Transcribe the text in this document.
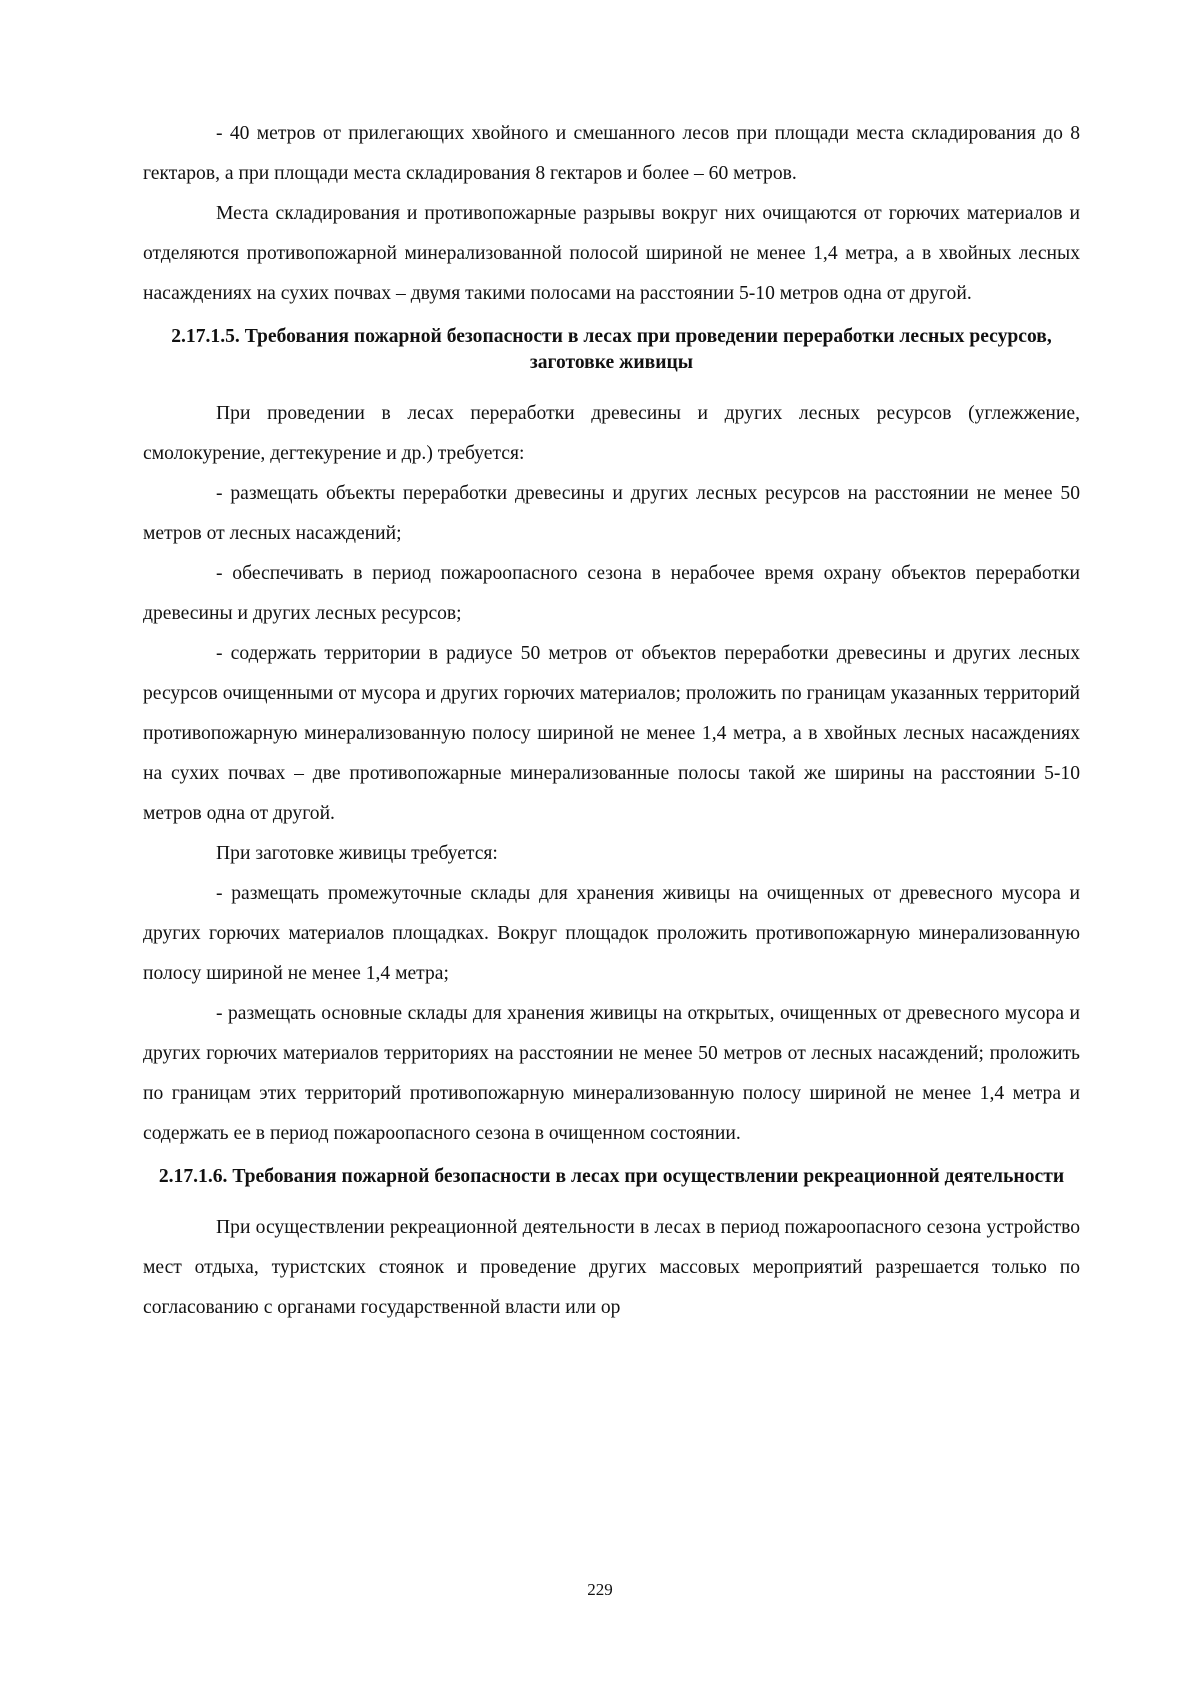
- 40 метров от прилегающих хвойного и смешанного лесов при площади места складирования до 8 гектаров, а при площади места складирования 8 гектаров и более – 60 метров.

Места складирования и противопожарные разрывы вокруг них очищаются от горючих материалов и отделяются противопожарной минерализованной полосой шириной не менее 1,4 метра, а в хвойных лесных насаждениях на сухих почвах – двумя такими полосами на расстоянии 5-10 метров одна от другой.

2.17.1.5. Требования пожарной безопасности в лесах при проведении переработки лесных ресурсов, заготовке живицы

При проведении в лесах переработки древесины и других лесных ресурсов (углежжение, смолокурение, дегтекурение и др.) требуется:

- размещать объекты переработки древесины и других лесных ресурсов на расстоянии не менее 50 метров от лесных насаждений;

- обеспечивать в период пожароопасного сезона в нерабочее время охрану объектов переработки древесины и других лесных ресурсов;

- содержать территории в радиусе 50 метров от объектов переработки древесины и других лесных ресурсов очищенными от мусора и других горючих материалов; проложить по границам указанных территорий противопожарную минерализованную полосу шириной не менее 1,4 метра, а в хвойных лесных насаждениях на сухих почвах – две противопожарные минерализованные полосы такой же ширины на расстоянии 5-10 метров одна от другой.

При заготовке живицы требуется:

- размещать промежуточные склады для хранения живицы на очищенных от древесного мусора и других горючих материалов площадках. Вокруг площадок проложить противопожарную минерализованную полосу шириной не менее 1,4 метра;

- размещать основные склады для хранения живицы на открытых, очищенных от древесного мусора и других горючих материалов территориях на расстоянии не менее 50 метров от лесных насаждений; проложить по границам этих территорий противопожарную минерализованную полосу шириной не менее 1,4 метра и содержать ее в период пожароопасного сезона в очищенном состоянии.

2.17.1.6. Требования пожарной безопасности в лесах при осуществлении рекреационной деятельности

При осуществлении рекреационной деятельности в лесах в период пожароопасного сезона устройство мест отдыха, туристских стоянок и проведение других массовых мероприятий разрешается только по согласованию с органами государственной власти или ор

229
